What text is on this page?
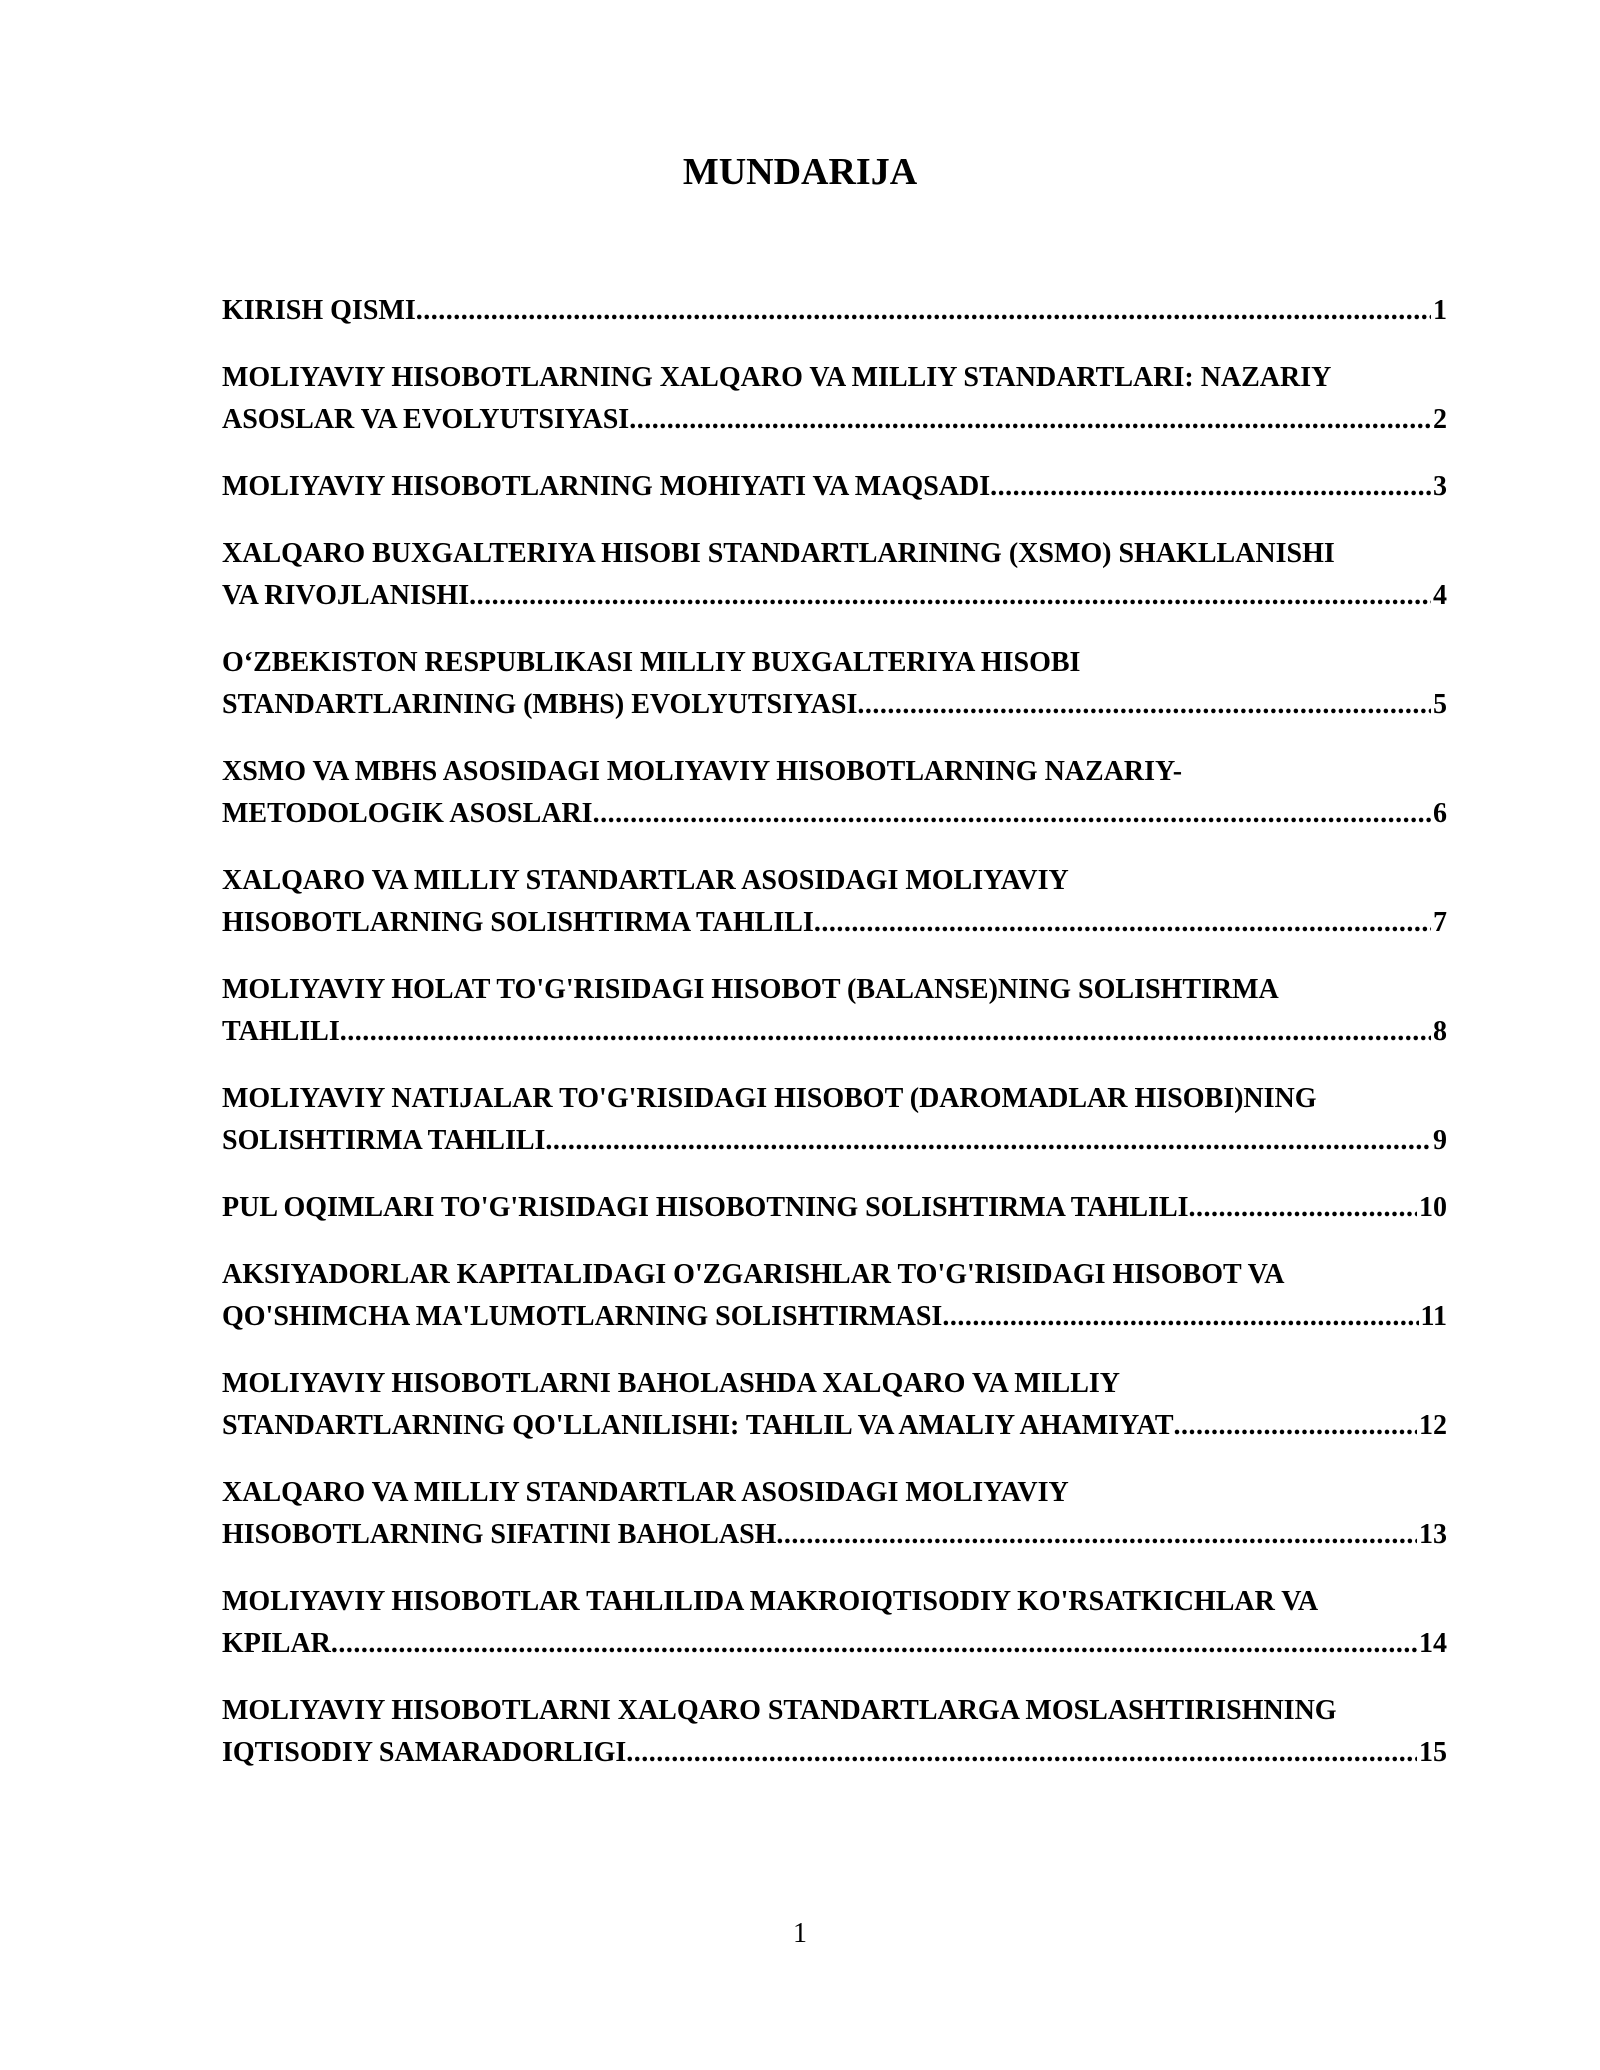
MUNDARIJA
KIRISH QISMI .....	1
MOLIYAVIY HISOBOTLARNING XALQARO VA MILLIY STANDARTLARI: NAZARIY
ASOSLAR VA EVOLYUTSIYASI .....	2
MOLIYAVIY HISOBOTLARNING MOHIYATI VA MAQSADI .....	3
XALQARO BUXGALTERIYA HISOBI STANDARTLARINING (XSMO) SHAKLLANISHI
VA RIVOJLANISHI .....	4
O‘ZBEKISTON RESPUBLIKASI MILLIY BUXGALTERIYA HISOBI
STANDARTLARINING (MBHS) EVOLYUTSIYASI .....	5
XSMO VA MBHS ASOSIDAGI MOLIYAVIY HISOBOTLARNING NAZARIY-
METODOLOGIK ASOSLARI .....	6
XALQARO VA MILLIY STANDARTLAR ASOSIDAGI MOLIYAVIY
HISOBOTLARNING SOLISHTIRMA TAHLILI .....	7
MOLIYAVIY HOLAT TO'G'RISIDAGI HISOBOT (BALANSE)NING SOLISHTIRMA
TAHLILI .....	8
MOLIYAVIY NATIJALAR TO'G'RISIDAGI HISOBOT (DAROMADLAR HISOBI)NING
SOLISHTIRMA TAHLILI .....	9
PUL OQIMLARI TO'G'RISIDAGI HISOBOTNING SOLISHTIRMA TAHLILI .....	10
AKSIYADORLAR KAPITALIDAGI O'ZGARISHLAR TO'G'RISIDAGI HISOBOT VA
QO'SHIMCHA MA'LUMOTLARNING SOLISHTIRMASI .....	11
MOLIYAVIY HISOBOTLARNI BAHOLASHDA XALQARO VA MILLIY
STANDARTLARNING QO'LLANILISHI: TAHLIL VA AMALIY AHAMIYAT .....	12
XALQARO VA MILLIY STANDARTLAR ASOSIDAGI MOLIYAVIY
HISOBOTLARNING SIFATINI BAHOLASH .....	13
MOLIYAVIY HISOBOTLAR TAHLILIDA MAKROIQTISODIY KO'RSATKICHLAR VA
KPILAR .....	14
MOLIYAVIY HISOBOTLARNI XALQARO STANDARTLARGA MOSLASHTIRISHNING
IQTISODIY SAMARADORLIGI .....	15
1
